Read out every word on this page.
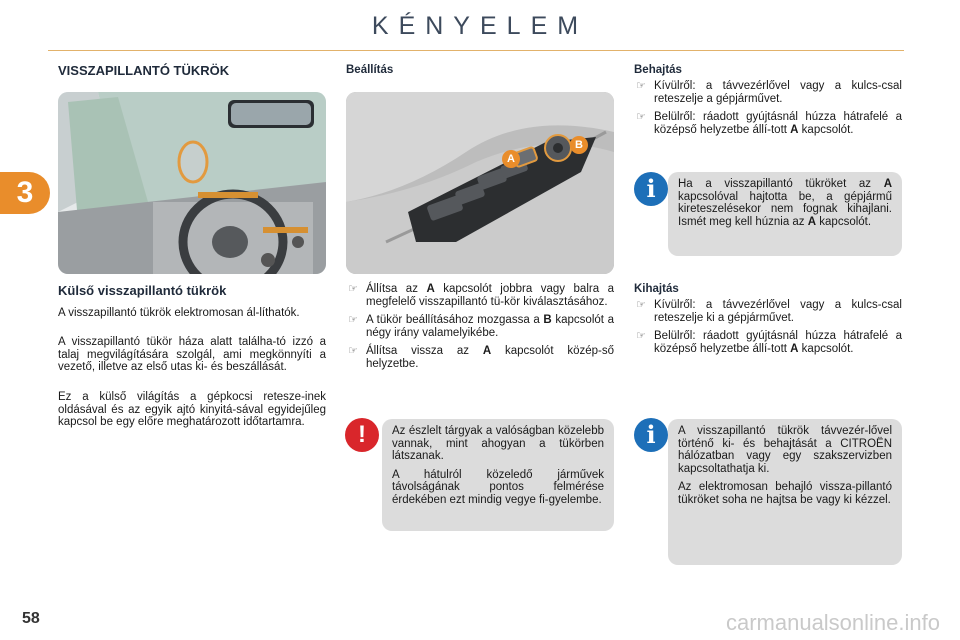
KÉNYELEM
3
VISSZAPILLANTÓ TÜKRÖK
Külső visszapillantó tükrök
A visszapillantó tükrök elektromosan ál-líthatók.
A visszapillantó tükör háza alatt találha-tó izzó a talaj megvilágítására szolgál, ami megkönnyíti a vezető, illetve az első utas ki- és beszállását.
Ez a külső világítás a gépkocsi retesze-inek oldásával és az egyik ajtó kinyitá-sával egyidejűleg kapcsol be egy előre meghatározott időtartamra.
Beállítás
A
B
☞ Állítsa az A kapcsolót jobbra vagy balra a megfelelő visszapillantó tü-kör kiválasztásához.
☞ A tükör beállításához mozgassa a B kapcsolót a négy irány valamelyikébe.
☞ Állítsa vissza az A kapcsolót közép-ső helyzetbe.
!	Az észlelt tárgyak a valóságban közelebb vannak, mint ahogyan a tükörben látszanak.

A hátulról közeledő járművek távolságának pontos felmérése érdekében ezt mindig vegye fi-gyelembe.

Behajtás
☞ Kívülről: a távvezérlővel vagy a kulcs-csal reteszelje a gépjárművet.
☞ Belülről: ráadott gyújtásnál húzza hátrafelé a középső helyzetbe állí-tott A kapcsolót.
i	Ha a visszapillantó tükröket az A kapcsolóval hajtotta be, a gépjármű kireteszelésekor nem fognak kihajlani. Ismét meg kell húznia az A kapcsolót.
Kihajtás
☞ Kívülről: a távvezérlővel vagy a kulcs-csal reteszelje ki a gépjárművet.
☞ Belülről: ráadott gyújtásnál húzza hátrafelé a középső helyzetbe állí-tott A kapcsolót.
i	A visszapillantó tükrök távvezér-lővel történő ki- és behajtását a CITROËN hálózatban vagy egy szakszervizben kapcsoltathatja ki.

Az elektromosan behajló vissza-pillantó tükröket soha ne hajtsa be vagy ki kézzel.

58	carmanualsonline.info
